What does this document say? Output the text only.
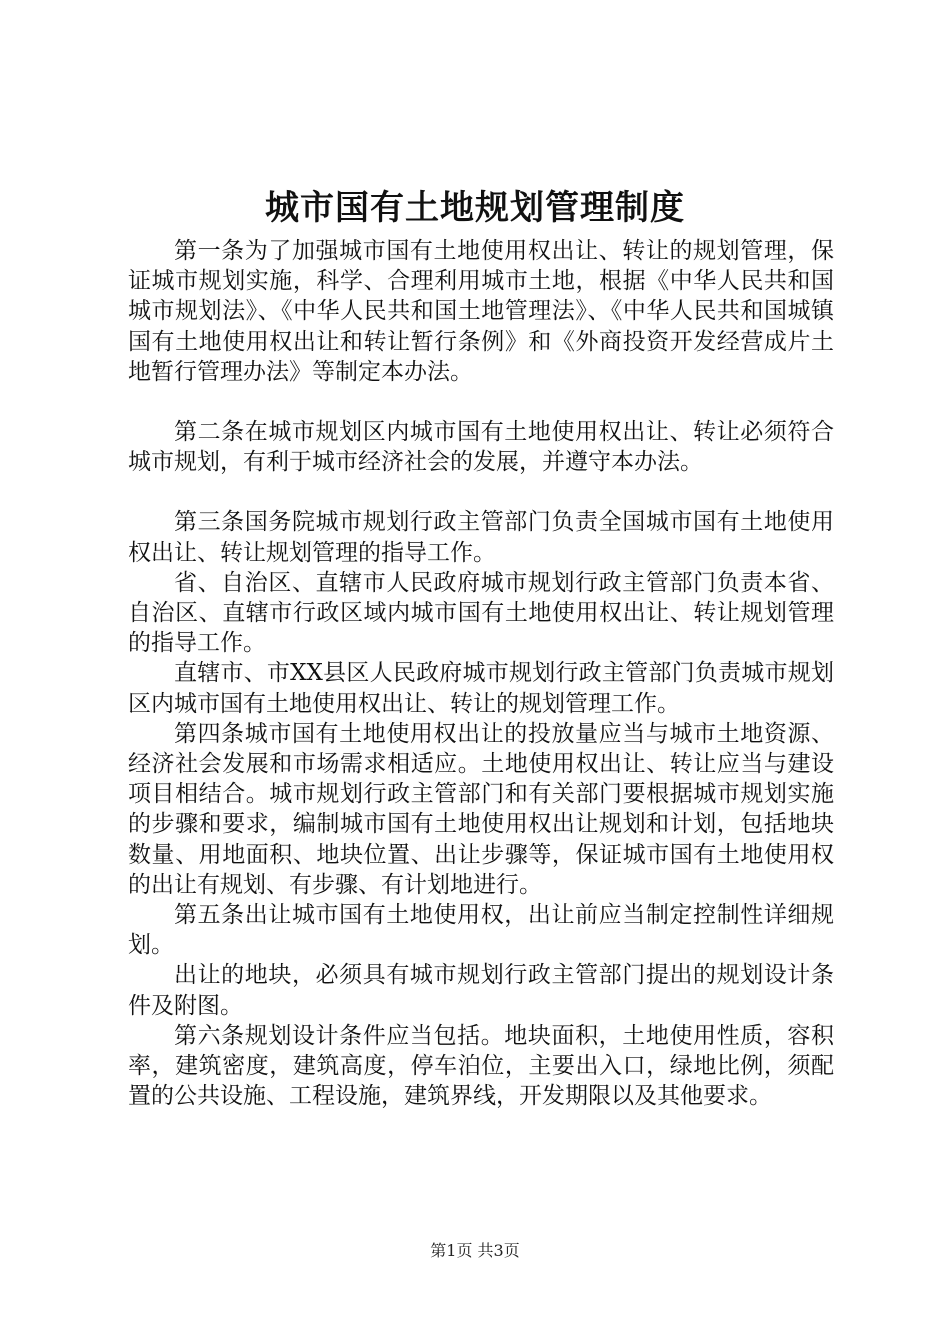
城市国有土地规划管理制度

第一条为了加强城市国有土地使用权出让、转让的规划管理，保证城市规划实施，科学、合理利用城市土地，根据《中华人民共和国城市规划法》、《中华人民共和国土地管理法》、《中华人民共和国城镇国有土地使用权出让和转让暂行条例》和《外商投资开发经营成片土地暂行管理办法》等制定本办法。

第二条在城市规划区内城市国有土地使用权出让、转让必须符合城市规划，有利于城市经济社会的发展，并遵守本办法。

第三条国务院城市规划行政主管部门负责全国城市国有土地使用权出让、转让规划管理的指导工作。

省、自治区、直辖市人民政府城市规划行政主管部门负责本省、自治区、直辖市行政区域内城市国有土地使用权出让、转让规划管理的指导工作。

直辖市、市XX县区人民政府城市规划行政主管部门负责城市规划区内城市国有土地使用权出让、转让的规划管理工作。

第四条城市国有土地使用权出让的投放量应当与城市土地资源、经济社会发展和市场需求相适应。土地使用权出让、转让应当与建设项目相结合。城市规划行政主管部门和有关部门要根据城市规划实施的步骤和要求，编制城市国有土地使用权出让规划和计划，包括地块数量、用地面积、地块位置、出让步骤等，保证城市国有土地使用权的出让有规划、有步骤、有计划地进行。

第五条出让城市国有土地使用权，出让前应当制定控制性详细规划。

出让的地块，必须具有城市规划行政主管部门提出的规划设计条件及附图。

第六条规划设计条件应当包括。地块面积，土地使用性质，容积率，建筑密度，建筑高度，停车泊位，主要出入口，绿地比例，须配置的公共设施、工程设施，建筑界线，开发期限以及其他要求。

第1页 共3页
